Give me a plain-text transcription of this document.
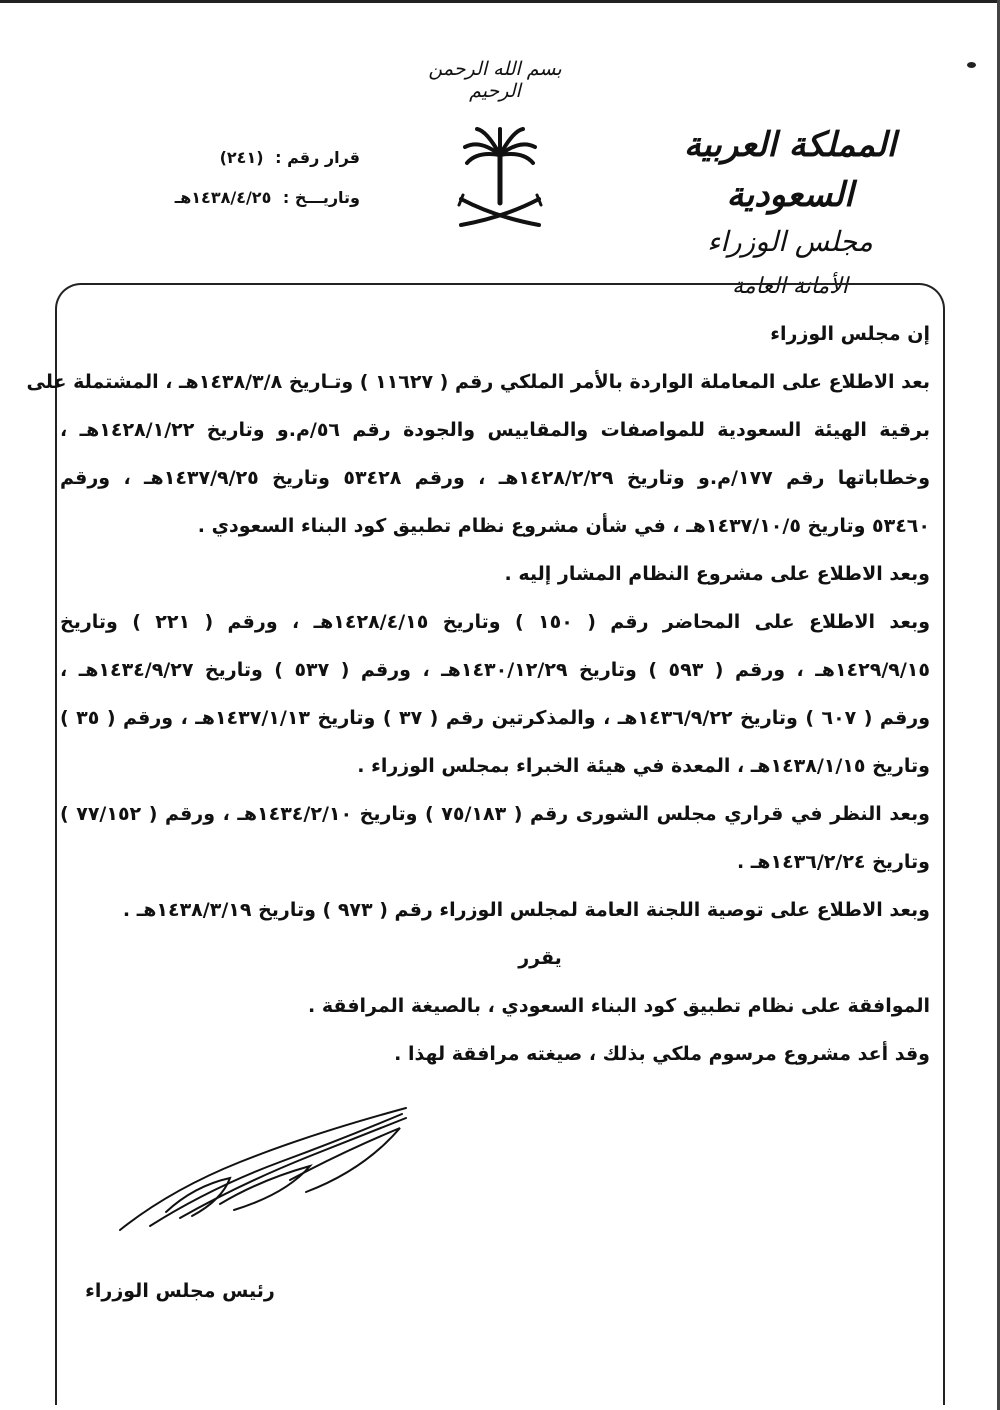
بسم الله الرحمن الرحيم
المملكة العربية السعودية
مجلس الوزراء
الأمانة العامة
قرار رقم : (٢٤١)
وتاريـــخ : ١٤٣٨/٤/٢٥هـ
إن مجلس الوزراء
بعد الاطلاع على المعاملة الواردة بالأمر الملكي رقم ( ١١٦٢٧ ) وتـاريخ ١٤٣٨/٣/٨هـ ، المشتملة على
برقية الهيئة السعودية للمواصفات والمقاييس والجودة رقم ٥٦/م.و وتاريخ ١٤٢٨/١/٢٢هـ ،
وخطاباتها رقم ١٧٧/م.و وتاريخ ١٤٢٨/٢/٢٩هـ ، ورقم ٥٣٤٢٨ وتاريخ ١٤٣٧/٩/٢٥هـ ، ورقم
٥٣٤٦٠ وتاريخ ١٤٣٧/١٠/٥هـ ، في شأن مشروع نظام تطبيق كود البناء السعودي .
وبعد الاطلاع على مشروع النظام المشار إليه .
وبعد الاطلاع على المحاضر رقم ( ١٥٠ ) وتاريخ ١٤٢٨/٤/١٥هـ ، ورقم ( ٢٢١ ) وتاريخ
١٤٢٩/٩/١٥هـ ، ورقم ( ٥٩٣ ) وتاريخ ١٤٣٠/١٢/٢٩هـ ، ورقم ( ٥٣٧ ) وتاريخ ١٤٣٤/٩/٢٧هـ ،
ورقم ( ٦٠٧ ) وتاريخ ١٤٣٦/٩/٢٢هـ ، والمذكرتين رقم ( ٣٧ ) وتاريخ ١٤٣٧/١/١٣هـ ، ورقم ( ٣٥ )
وتاريخ ١٤٣٨/١/١٥هـ ، المعدة في هيئة الخبراء بمجلس الوزراء .
وبعد النظر في قراري مجلس الشورى رقم ( ٧٥/١٨٣ ) وتاريخ ١٤٣٤/٢/١٠هـ ، ورقم ( ٧٧/١٥٢ )
وتاريخ ١٤٣٦/٢/٢٤هـ .
وبعد الاطلاع على توصية اللجنة العامة لمجلس الوزراء رقم ( ٩٧٣ ) وتاريخ ١٤٣٨/٣/١٩هـ .
يقرر
الموافقة على نظام تطبيق كود البناء السعودي ، بالصيغة المرافقة .
وقد أعد مشروع مرسوم ملكي بذلك ، صيغته مرافقة لهذا .
رئيس مجلس الوزراء
